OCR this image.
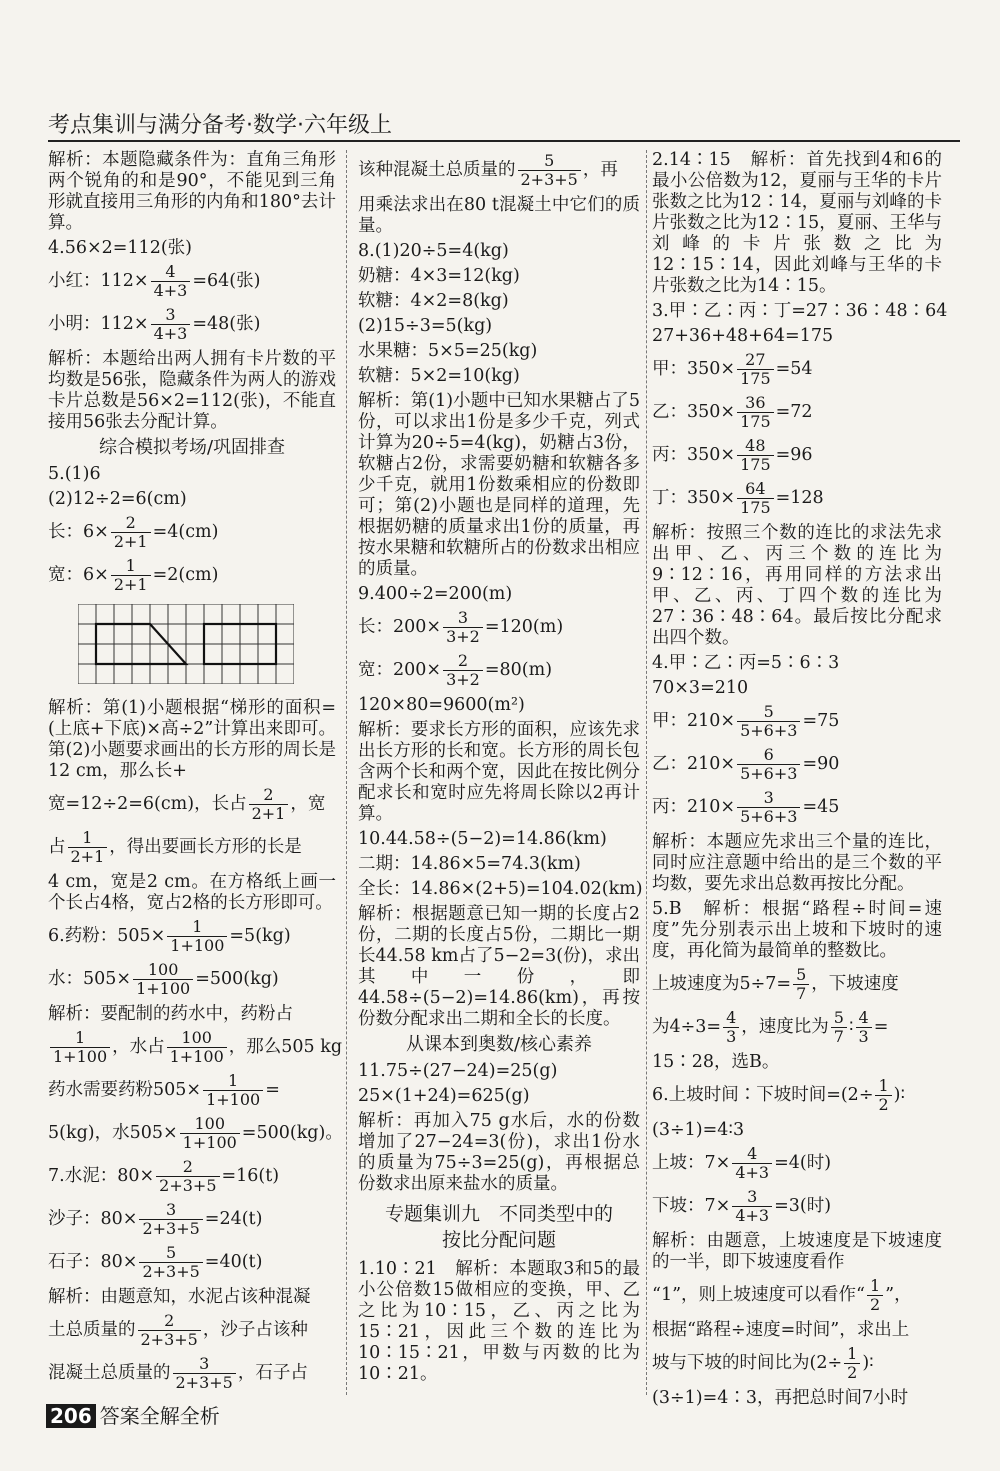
考点集训与满分备考·数学·六年级上

解析：本题隐藏条件为：直角三角形两个锐角的和是90°，不能见到三角形就直接用三角形的内角和180°去计算。

4.56×2=112(张)

小红：$112\times \frac{4}{4+3} =64$(张)

小明：$112\times \frac{3}{4+3} =48$(张)

解析：本题给出两人拥有卡片数的平均数是56张，隐藏条件为两人的游戏卡片总数是56×2=112(张)，不能直接用56张去分配计算。

综合模拟考场/巩固排查

5.(1)6

(2)12÷2=6(cm)

长：$6\times \frac{2}{2+1} =4(cm)$

宽：$6\times \frac{1}{2+1} =2(cm)$

解析：第(1)小题根据“梯形的面积=(上底+下底)×高÷2”计算出来即可。第(2)小题要求画出的长方形的周长是12 cm，那么长+

宽=12÷2=6(cm)，长占 $\frac{2}{2+1}$ ，宽

占 $\frac{1}{2+1}$ ，得出要画长方形的长是

4 cm，宽是2 cm。在方格纸上画一个长占4格，宽占2格的长方形即可。

6.药粉：$505\times \frac{1}{1+100} =5(kg)$

水：$505\times \frac{100}{1+100} =500(kg)$

解析：要配制的药水中，药粉占

$\frac{1}{1+100}$ ，水占 $\frac{100}{1+100}$ ，那么505 kg

药水需要药粉$505\times \frac{1}{1+100}$ =

5(kg)，水$505\times \frac{100}{1+100} =500(kg)$。

7.水泥：$80\times \frac{2}{2+3+5} =16(t)$

沙子：$80\times \frac{3}{2+3+5} =24(t)$

石子：$80\times \frac{5}{2+3+5} =40(t)$

解析：由题意知，水泥占该种混凝

土总质量的 $\frac{2}{2+3+5}$ ，沙子占该种

混凝土总质量的 $\frac{3}{2+3+5}$ ，石子占

该种混凝土总质量的 $\frac{5}{2+3+5}$ ，再

用乘法求出在80 t混凝土中它们的质量。

8.(1)20÷5=4(kg)

奶糖：4×3=12(kg)

软糖：4×2=8(kg)

(2)15÷3=5(kg)

水果糖：5×5=25(kg)

软糖：5×2=10(kg)

解析：第(1)小题中已知水果糖占了5份，可以求出1份是多少千克，列式计算为20÷5=4(kg)，奶糖占3份，软糖占2份，求需要奶糖和软糖各多少千克，就用1份数乘相应的份数即可；第(2)小题也是同样的道理，先根据奶糖的质量求出1份的质量，再按水果糖和软糖所占的份数求出相应的质量。

9.400÷2=200(m)

长：$200\times \frac{3}{3+2} =120(m)$

宽：$200\times \frac{2}{3+2} =80(m)$

120×80=9600(m²)

解析：要求长方形的面积，应该先求出长方形的长和宽。长方形的周长包含两个长和两个宽，因此在按比例分配求长和宽时应先将周长除以2再计算。

10.44.58÷(5−2)=14.86(km)

二期：14.86×5=74.3(km)

全长：14.86×(2+5)=104.02(km)

解析：根据题意已知一期的长度占2份，二期的长度占5份，二期比一期长44.58 km占了5−2=3(份)，求出其中一份，即44.58÷(5−2)=14.86(km)，再按份数分配求出二期和全长的长度。

从课本到奥数/核心素养

11.75÷(27−24)=25(g)

25×(1+24)=625(g)

解析：再加入75 g水后，水的份数增加了27−24=3(份)，求出1份水的质量为75÷3=25(g)，再根据总份数求出原来盐水的质量。

专题集训九　不同类型中的
按比分配问题

1.10∶21　解析：本题取3和5的最小公倍数15做相应的变换，甲、乙之比为10∶15，乙、丙之比为15∶21，因此三个数的连比为10∶15∶21，甲数与丙数的比为10∶21。

2.14∶15　解析：首先找到4和6的最小公倍数为12，夏丽与王华的卡片张数之比为12∶14，夏丽与刘峰的卡片张数之比为12∶15，夏丽、王华与刘峰的卡片张数之比为12∶15∶14，因此刘峰与王华的卡片张数之比为14∶15。

3.甲∶乙∶丙∶丁=27∶36∶48∶64

27+36+48+64=175

甲：$350\times \frac{27}{175} =54$

乙：$350\times \frac{36}{175} =72$

丙：$350\times \frac{48}{175} =96$

丁：$350\times \frac{64}{175} =128$

解析：按照三个数的连比的求法先求出甲、乙、丙三个数的连比为9∶12∶16，再用同样的方法求出甲、乙、丙、丁四个数的连比为27∶36∶48∶64。最后按比分配求出四个数。

4.甲∶乙∶丙=5∶6∶3

70×3=210

甲：$210\times \frac{5}{5+6+3} =75$

乙：$210\times \frac{6}{5+6+3} =90$

丙：$210\times \frac{3}{5+6+3} =45$

解析：本题应先求出三个量的连比，同时应注意题中给出的是三个数的平均数，要先求出总数再按比分配。

5.B　解析：根据“路程÷时间=速度”先分别表示出上坡和下坡时的速度，再化简为最简单的整数比。

上坡速度为$5\div 7= \frac{5}{7}$ ，下坡速度

为$4\div 3= \frac{4}{3}$ ，速度比为 $\frac{5}{7}$ ∶ $\frac{4}{3}$ =

15∶28，选B。

6.上坡时间∶下坡时间$=(2\div \frac{1}{2}$ )∶

(3÷1)=4∶3

上坡：$7\times \frac{4}{4+3} =4$(时)

下坡：$7\times \frac{3}{4+3} =3$(时)

解析：由题意，上坡速度是下坡速度的一半，即下坡速度看作

“1”，则上坡速度可以看作“ $\frac{1}{2}$ ”，

根据“路程÷速度=时间”，求出上

坡与下坡的时间比为($2\div \frac{1}{2}$ )∶

(3÷1)=4∶3，再把总时间7小时

206 答案全解全析
